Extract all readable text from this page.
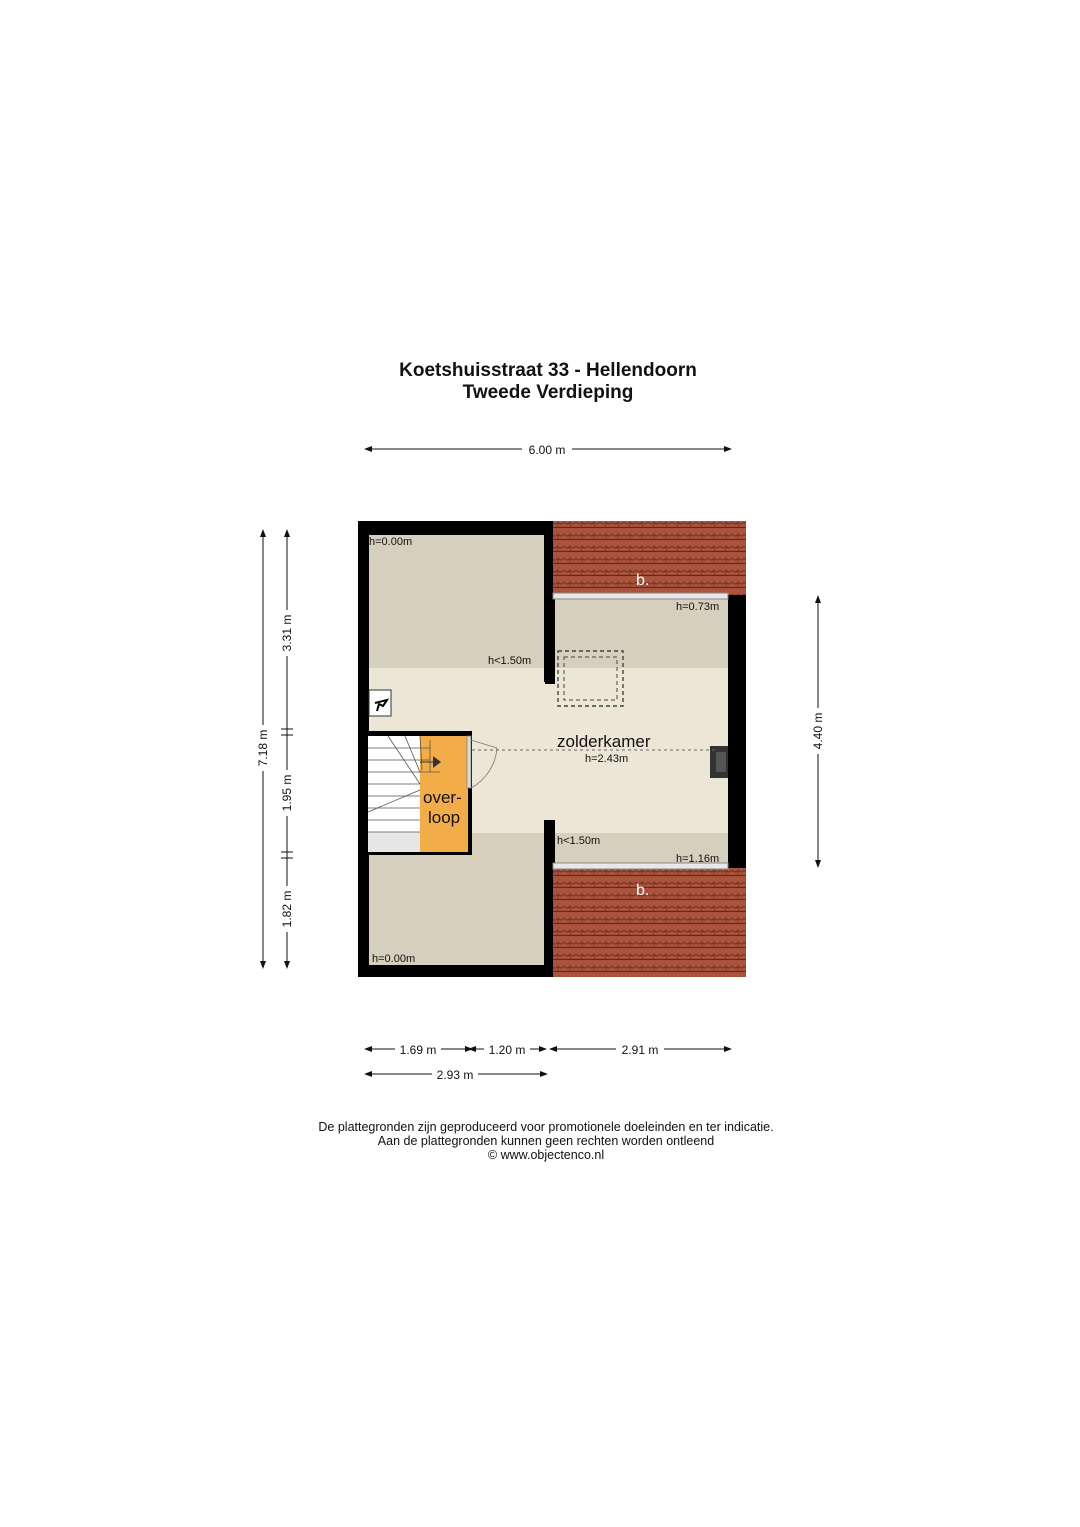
Koetshuisstraat 33 - Hellendoorn
Tweede Verdieping
b.
b.
zolderkamer
h=2.43m
over-
loop
h=0.00m
h<1.50m
h=0.00m
h=0.73m
h<1.50m
h=1.16m
6.00 m
7.18 m
3.31 m
1.95 m
1.82 m
4.40 m
1.69 m	1.20 m	2.91 m
2.93 m
De plattegronden zijn geproduceerd voor promotionele doeleinden en ter indicatie.
Aan de plattegronden kunnen geen rechten worden ontleend
© www.objectenco.nl
